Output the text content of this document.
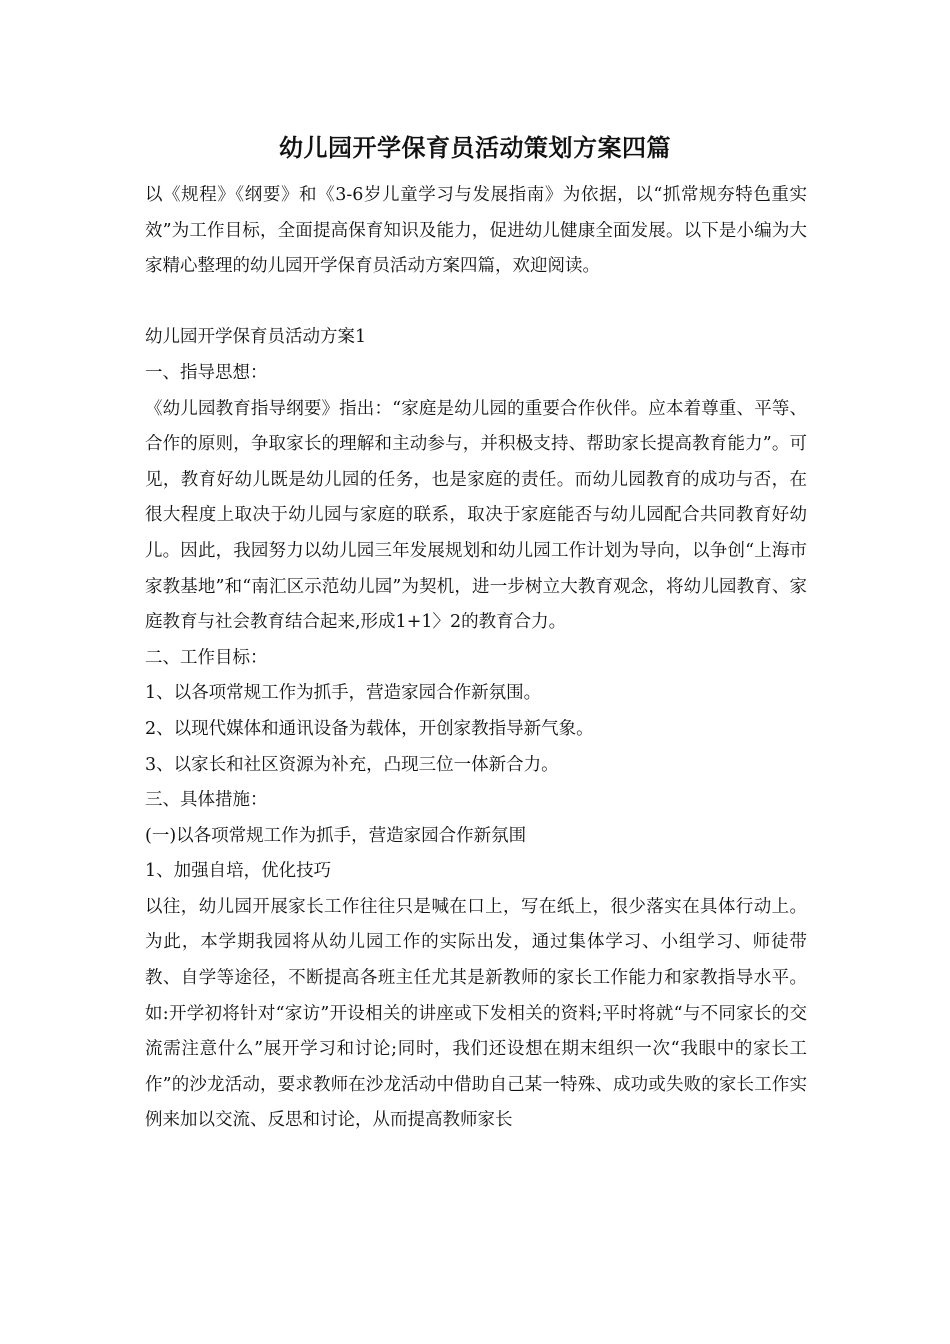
幼儿园开学保育员活动策划方案四篇

以《规程》《纲要》和《3-6岁儿童学习与发展指南》为依据，以“抓常规夯特色重实效”为工作目标，全面提高保育知识及能力，促进幼儿健康全面发展。以下是小编为大家精心整理的幼儿园开学保育员活动方案四篇，欢迎阅读。

幼儿园开学保育员活动方案1

一、指导思想：

《幼儿园教育指导纲要》指出：“家庭是幼儿园的重要合作伙伴。应本着尊重、平等、合作的原则，争取家长的理解和主动参与，并积极支持、帮助家长提高教育能力”。可见，教育好幼儿既是幼儿园的任务，也是家庭的责任。而幼儿园教育的成功与否，在很大程度上取决于幼儿园与家庭的联系，取决于家庭能否与幼儿园配合共同教育好幼儿。因此，我园努力以幼儿园三年发展规划和幼儿园工作计划为导向，以争创“上海市家教基地”和“南汇区示范幼儿园”为契机，进一步树立大教育观念，将幼儿园教育、家庭教育与社会教育结合起来,形成1+1〉2的教育合力。

二、工作目标：

1、以各项常规工作为抓手，营造家园合作新氛围。

2、以现代媒体和通讯设备为载体，开创家教指导新气象。

3、以家长和社区资源为补充，凸现三位一体新合力。

三、具体措施：

(一)以各项常规工作为抓手，营造家园合作新氛围

1、加强自培，优化技巧

以往，幼儿园开展家长工作往往只是喊在口上，写在纸上，很少落实在具体行动上。为此，本学期我园将从幼儿园工作的实际出发，通过集体学习、小组学习、师徒带教、自学等途径，不断提高各班主任尤其是新教师的家长工作能力和家教指导水平。如:开学初将针对“家访”开设相关的讲座或下发相关的资料;平时将就“与不同家长的交流需注意什么”展开学习和讨论;同时，我们还设想在期末组织一次“我眼中的家长工作”的沙龙活动，要求教师在沙龙活动中借助自己某一特殊、成功或失败的家长工作实例来加以交流、反思和讨论，从而提高教师家长
